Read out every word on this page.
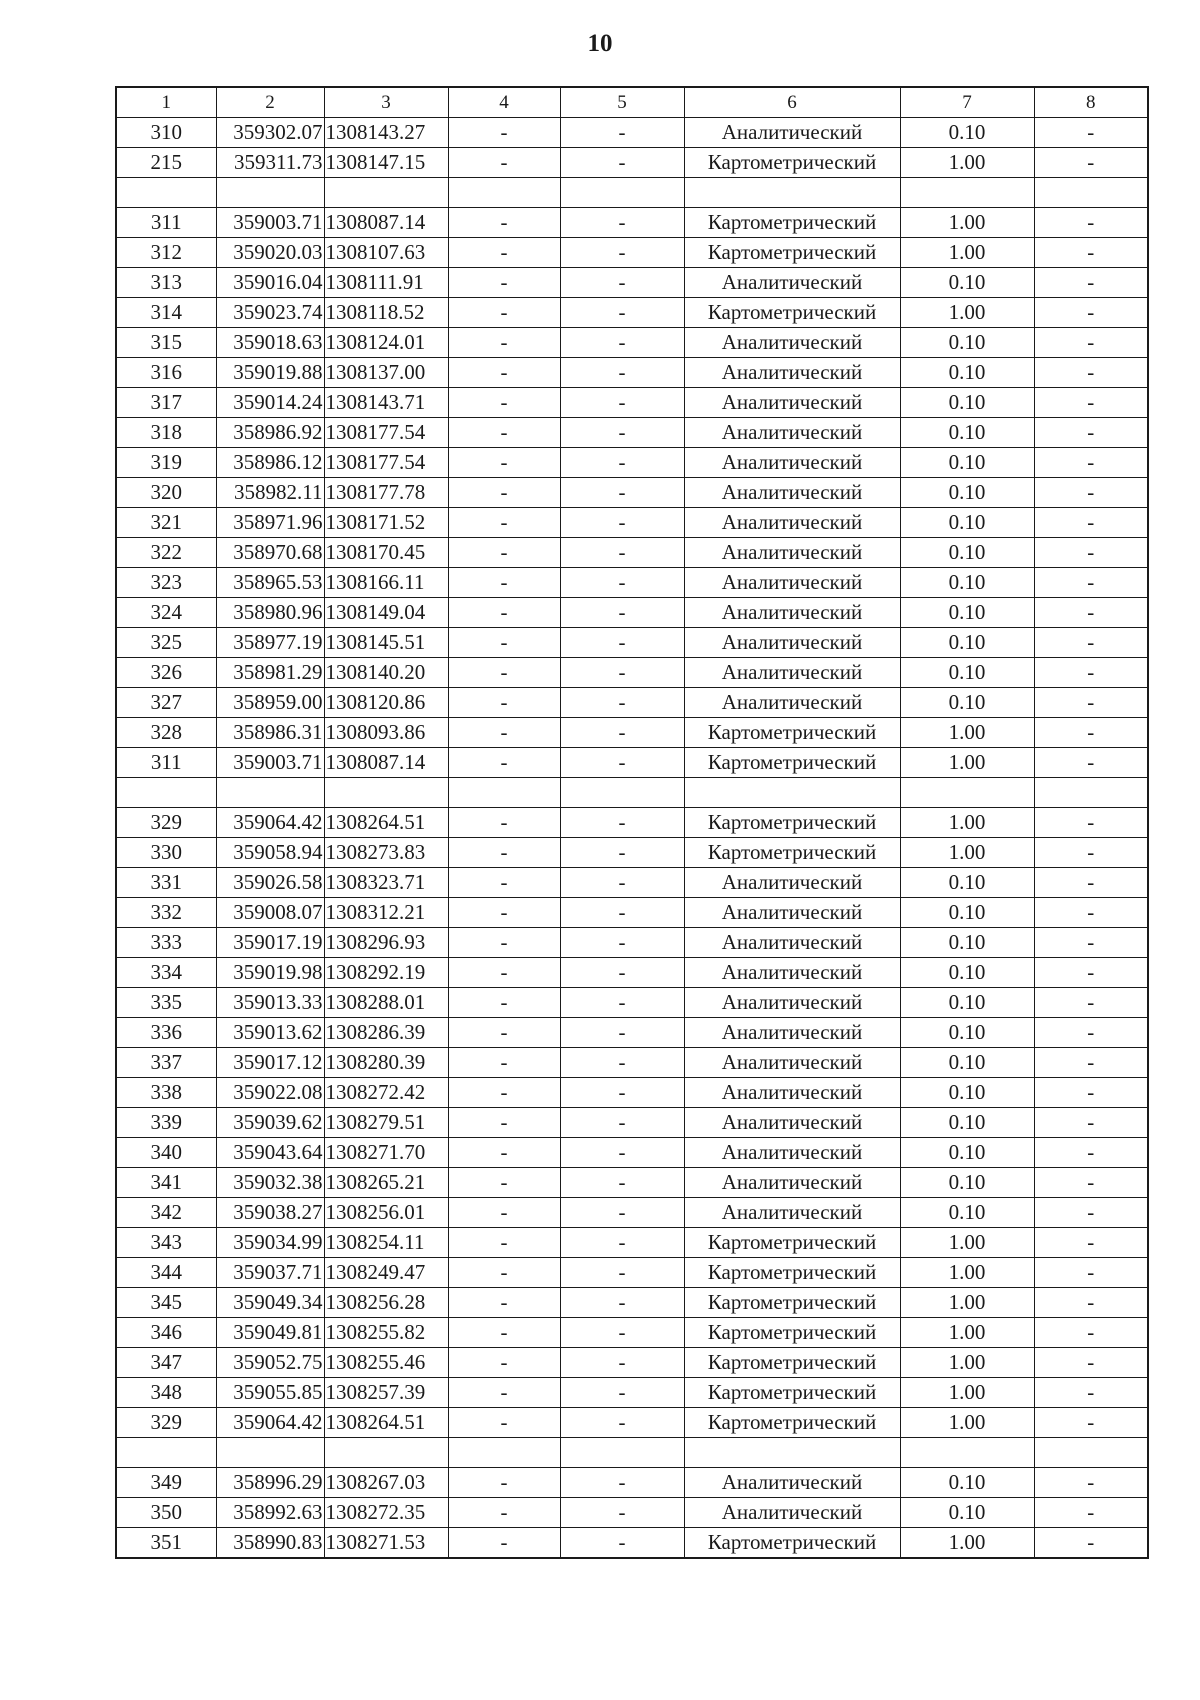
10
1	2	3	4	5	6	7	8
310	359302.07	1308143.27	-	-	Аналитический	0.10	-
215	359311.73	1308147.15	-	-	Картометрический	1.00	-

311	359003.71	1308087.14	-	-	Картометрический	1.00	-
312	359020.03	1308107.63	-	-	Картометрический	1.00	-
313	359016.04	1308111.91	-	-	Аналитический	0.10	-
314	359023.74	1308118.52	-	-	Картометрический	1.00	-
315	359018.63	1308124.01	-	-	Аналитический	0.10	-
316	359019.88	1308137.00	-	-	Аналитический	0.10	-
317	359014.24	1308143.71	-	-	Аналитический	0.10	-
318	358986.92	1308177.54	-	-	Аналитический	0.10	-
319	358986.12	1308177.54	-	-	Аналитический	0.10	-
320	358982.11	1308177.78	-	-	Аналитический	0.10	-
321	358971.96	1308171.52	-	-	Аналитический	0.10	-
322	358970.68	1308170.45	-	-	Аналитический	0.10	-
323	358965.53	1308166.11	-	-	Аналитический	0.10	-
324	358980.96	1308149.04	-	-	Аналитический	0.10	-
325	358977.19	1308145.51	-	-	Аналитический	0.10	-
326	358981.29	1308140.20	-	-	Аналитический	0.10	-
327	358959.00	1308120.86	-	-	Аналитический	0.10	-
328	358986.31	1308093.86	-	-	Картометрический	1.00	-
311	359003.71	1308087.14	-	-	Картометрический	1.00	-

329	359064.42	1308264.51	-	-	Картометрический	1.00	-
330	359058.94	1308273.83	-	-	Картометрический	1.00	-
331	359026.58	1308323.71	-	-	Аналитический	0.10	-
332	359008.07	1308312.21	-	-	Аналитический	0.10	-
333	359017.19	1308296.93	-	-	Аналитический	0.10	-
334	359019.98	1308292.19	-	-	Аналитический	0.10	-
335	359013.33	1308288.01	-	-	Аналитический	0.10	-
336	359013.62	1308286.39	-	-	Аналитический	0.10	-
337	359017.12	1308280.39	-	-	Аналитический	0.10	-
338	359022.08	1308272.42	-	-	Аналитический	0.10	-
339	359039.62	1308279.51	-	-	Аналитический	0.10	-
340	359043.64	1308271.70	-	-	Аналитический	0.10	-
341	359032.38	1308265.21	-	-	Аналитический	0.10	-
342	359038.27	1308256.01	-	-	Аналитический	0.10	-
343	359034.99	1308254.11	-	-	Картометрический	1.00	-
344	359037.71	1308249.47	-	-	Картометрический	1.00	-
345	359049.34	1308256.28	-	-	Картометрический	1.00	-
346	359049.81	1308255.82	-	-	Картометрический	1.00	-
347	359052.75	1308255.46	-	-	Картометрический	1.00	-
348	359055.85	1308257.39	-	-	Картометрический	1.00	-
329	359064.42	1308264.51	-	-	Картометрический	1.00	-

349	358996.29	1308267.03	-	-	Аналитический	0.10	-
350	358992.63	1308272.35	-	-	Аналитический	0.10	-
351	358990.83	1308271.53	-	-	Картометрический	1.00	-
